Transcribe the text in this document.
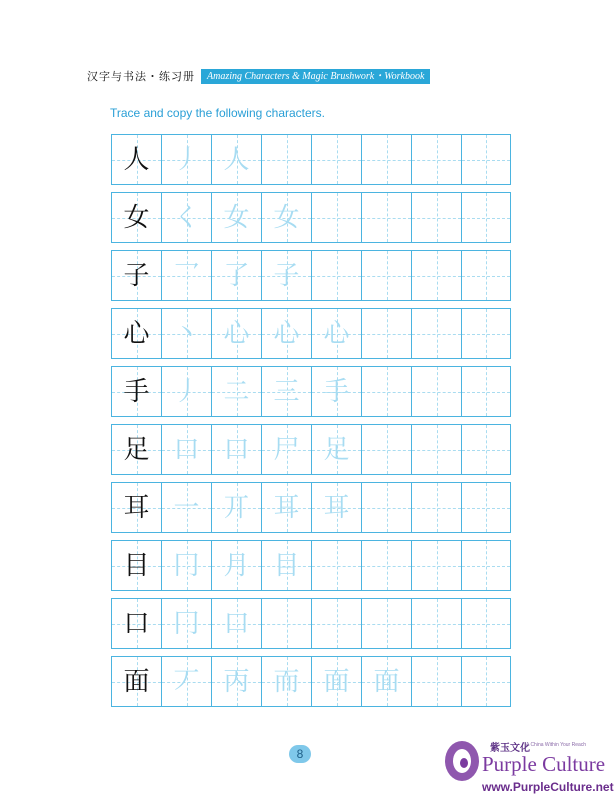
汉字与书法・练习册	Amazing Characters & Magic Brushwork・Workbook
Trace and copy the following characters.
人 丿 人
女 く 女 女
子 乛 了 子
心 丶 心 心 心
手 丿 二 三 手
足 口 口 尸 足
耳 一 丌 耳 耳
目 冂 月 目
口 冂 口
面 丆 丙 而 面 面
8	紫玉文化
A China Within Your Reach
Purple Culture
www.PurpleCulture.net
